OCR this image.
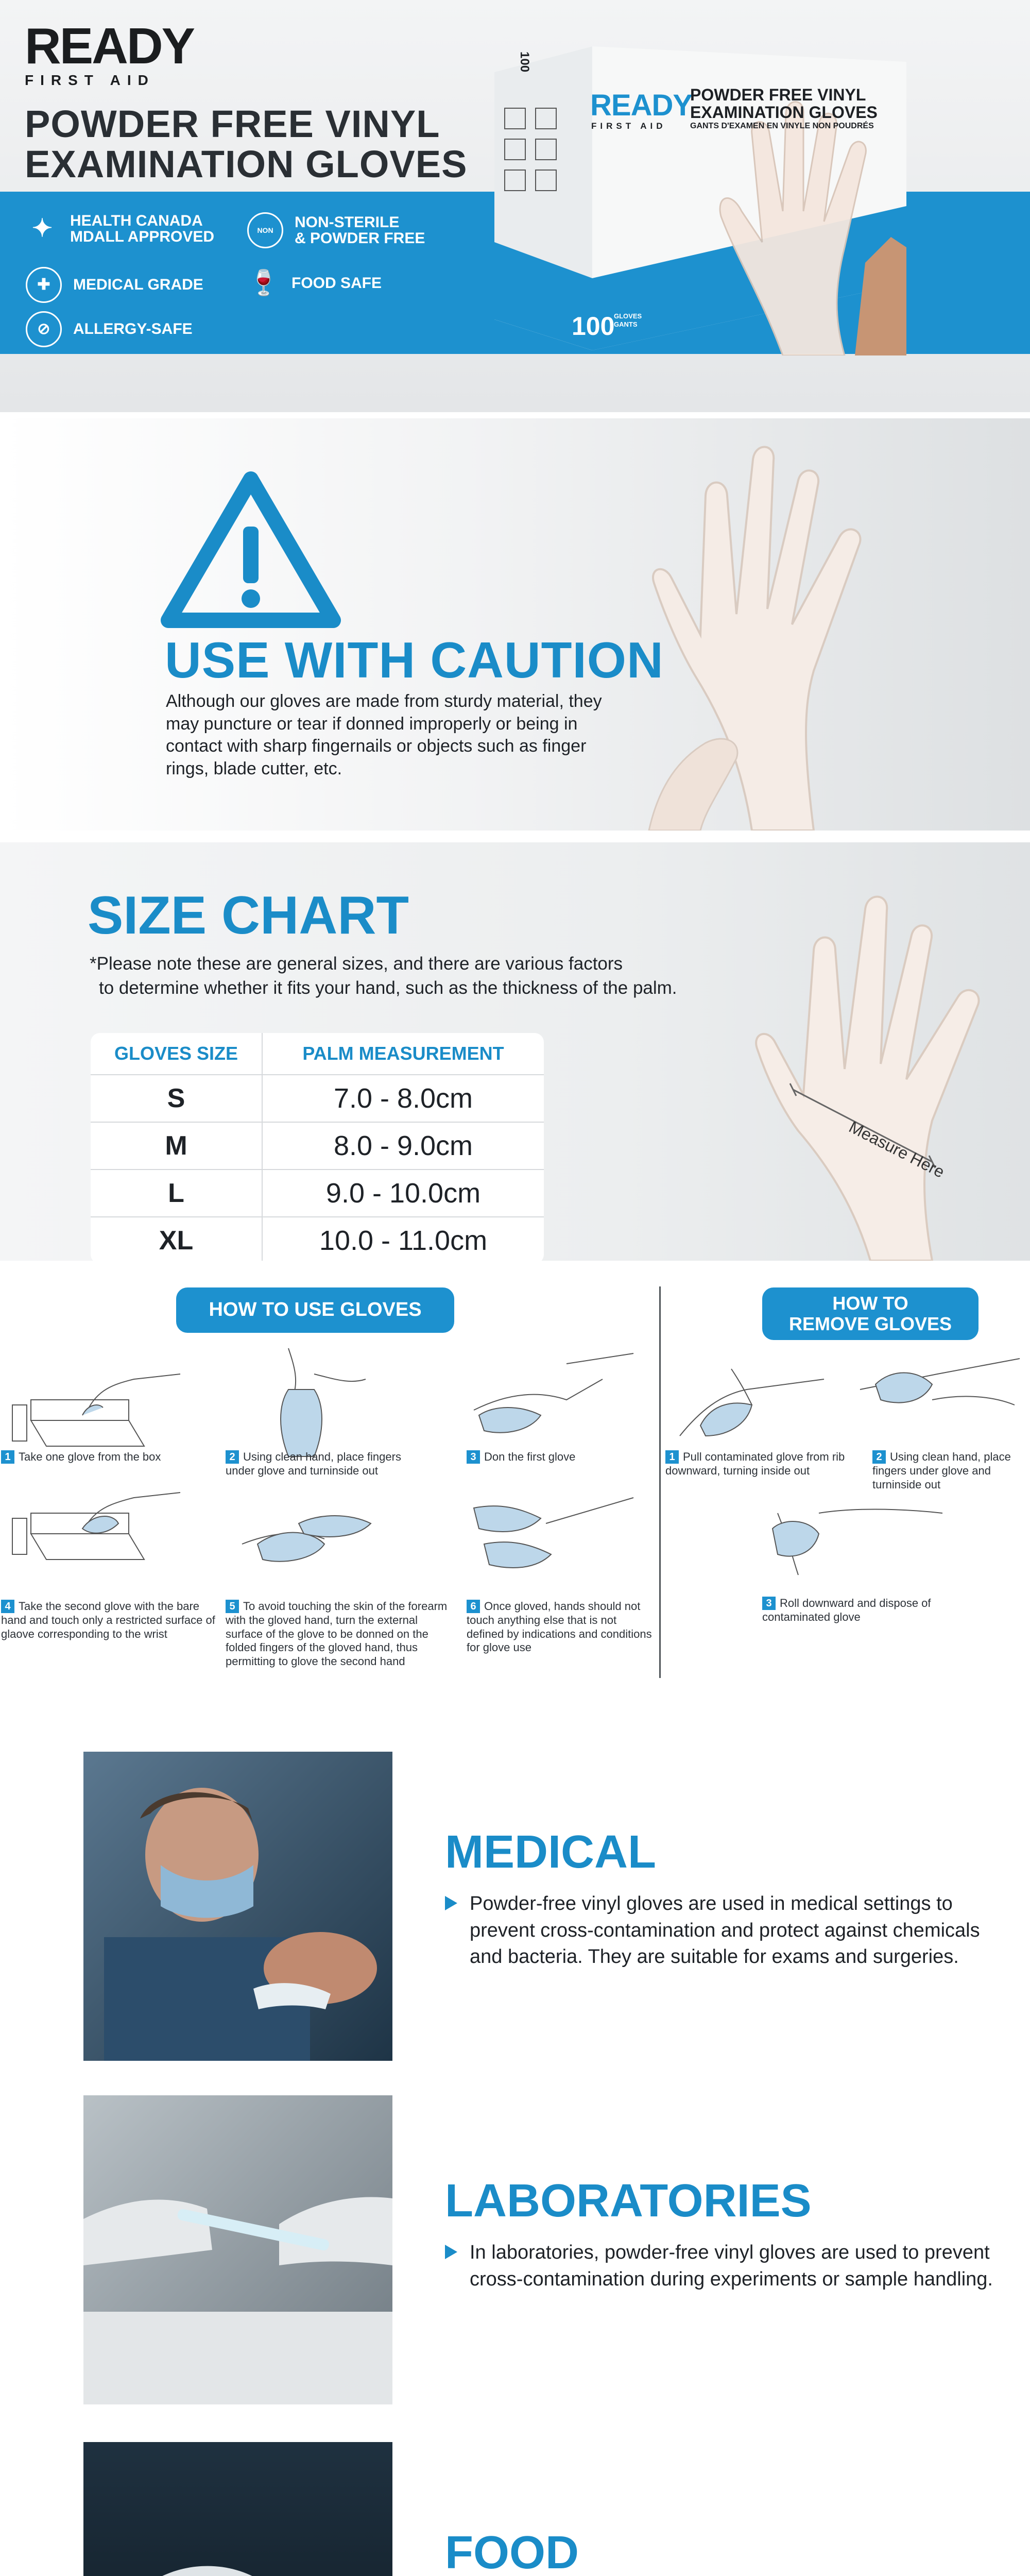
READY
FIRST AID
POWDER FREE VINYL
EXAMINATION GLOVES
✦	HEALTH CANADA
MDALL APPROVED	NON	NON-STERILE
& POWDER FREE
✚	MEDICAL GRADE 🍷 FOOD SAFE
⊘	ALLERGY-SAFE
100
READY
FIRST AID
POWDER FREE VINYL
EXAMINATION GLOVES
GANTS D'EXAMEN EN VINYLE NON POUDRÉS
100
GLOVES
GANTS
USE WITH CAUTION

Although our gloves are made from sturdy material, they may puncture or tear if donned improperly or being in contact with sharp fingernails or objects such as finger rings, blade cutter, etc.

SIZE CHART
*Please note these are general sizes, and there are various factors
to determine whether it fits your hand, such as the thickness of the palm.
GLOVES SIZE	PALM MEASUREMENT
S	7.0 - 8.0cm
M	8.0 - 9.0cm
L	9.0 - 10.0cm
XL	10.0 - 11.0cm
Measure Here
HOW TO USE GLOVES	HOW TO
REMOVE GLOVES
1 Take one glove from the box	2 Using clean hand, place fingers under glove and turninside out
3 Don the first glove
4 Take the second glove with the bare hand and touch only a restricted surface of glaove corresponding to the wrist
5 To avoid touching the skin of the forearm with the gloved hand, turn the external surface of the glove to be donned on the folded fingers of the gloved hand, thus permitting to glove the second hand
6 Once gloved, hands should not touch anything else that is not defined by indications and conditions for glove use
1 Pull contaminated glove from rib downward, turning inside out
2 Using clean hand, place fingers under glove and turninside out
3 Roll downward and dispose of contaminated glove
MEDICAL

Powder-free vinyl gloves are used in medical settings to prevent cross-contamination and protect against chemicals and bacteria. They are suitable for exams and surgeries.

LABORATORIES

In laboratories, powder-free vinyl gloves are used to prevent cross-contamination during experiments or sample handling.

FOOD
